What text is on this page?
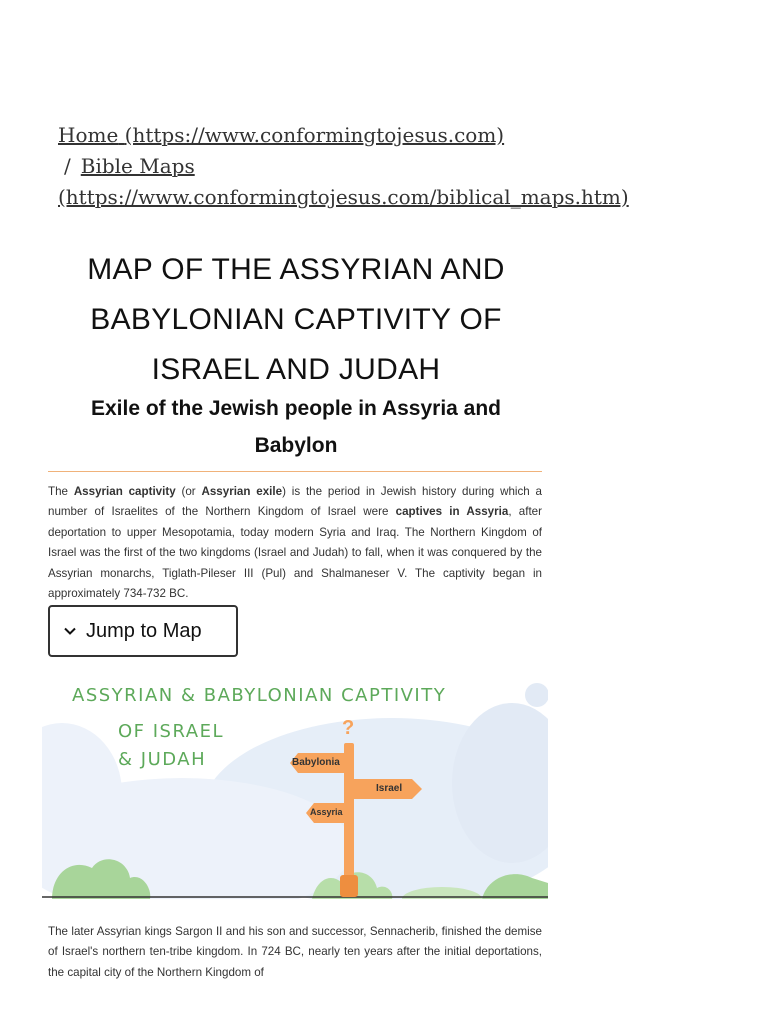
Home (https://www.conformingtojesus.com)
/ Bible Maps
(https://www.conformingtojesus.com/biblical_maps.htm)
MAP OF THE ASSYRIAN AND BABYLONIAN CAPTIVITY OF ISRAEL AND JUDAH
Exile of the Jewish people in Assyria and Babylon

The Assyrian captivity (or Assyrian exile) is the period in Jewish history during which a number of Israelites of the Northern Kingdom of Israel were captives in Assyria, after deportation to upper Mesopotamia, today modern Syria and Iraq. The Northern Kingdom of Israel was the first of the two kingdoms (Israel and Judah) to fall, when it was conquered by the Assyrian monarchs, Tiglath-Pileser III (Pul) and Shalmaneser V. The captivity began in approximately 734-732 BC.

Jump to Map
ASSYRIAN & BABYLONIAN CAPTIVITY
OF ISRAEL
& JUDAH
?
Babylonia
Israel
Assyria

The later Assyrian kings Sargon II and his son and successor, Sennacherib, finished the demise of Israel's northern ten-tribe kingdom. In 724 BC, nearly ten years after the initial deportations, the capital city of the Northern Kingdom of
